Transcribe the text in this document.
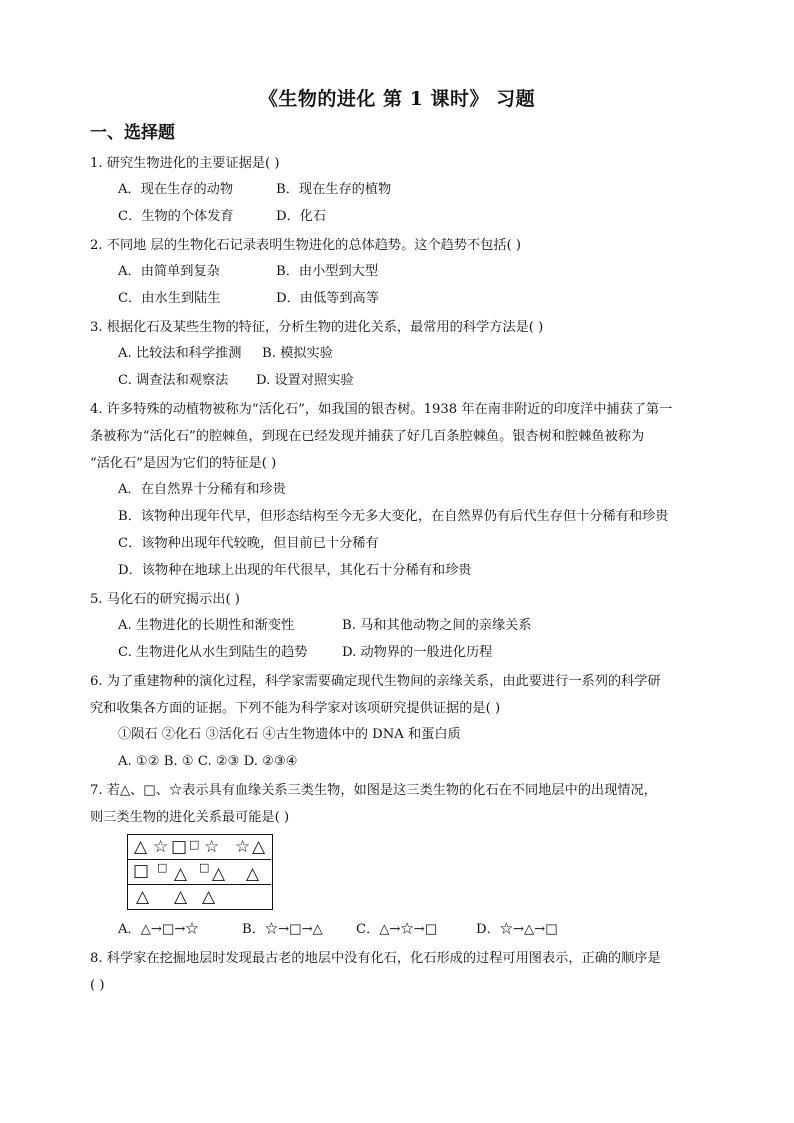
《生物的进化 第 1 课时》 习题
一、选择题
1. 研究生物进化的主要证据是( )
A．现在生存的动物	B．现在生存的植物
C．生物的个体发育	D．化石
2. 不同地 层的生物化石记录表明生物进化的总体趋势。这个趋势不包括( )
A．由简单到复杂	B．由小型到大型
C．由水生到陆生	D．由低等到高等
3. 根据化石及某些生物的特征，分析生物的进化关系，最常用的科学方法是( )
A. 比较法和科学推测 B. 模拟实验
C. 调查法和观察法 D. 设置对照实验
4. 许多特殊的动植物被称为“活化石”，如我国的银杏树。1938 年在南非附近的印度洋中捕获了第一
条被称为“活化石”的腔棘鱼，到现在已经发现并捕获了好几百条腔棘鱼。银杏树和腔棘鱼被称为
“活化石”是因为它们的特征是( )
A．在自然界十分稀有和珍贵
B．该物种出现年代早，但形态结构至今无多大变化，在自然界仍有后代生存但十分稀有和珍贵
C．该物种出现年代较晚，但目前已十分稀有
D．该物种在地球上出现的年代很早，其化石十分稀有和珍贵
5. 马化石的研究揭示出( )
A. 生物进化的长期性和渐变性	B. 马和其他动物之间的亲缘关系
C. 生物进化从水生到陆生的趋势	D. 动物界的一般进化历程
6. 为了重建物种的演化过程，科学家需要确定现代生物间的亲缘关系，由此要进行一系列的科学研
究和收集各方面的证据。下列不能为科学家对该项研究提供证据的是( )
①陨石 ②化石 ③活化石 ④古生物遗体中的 DNA 和蛋白质
A. ①② B. ① C. ②③ D. ②③④
7. 若△、□、☆表示具有血缘关系三类生物，如图是这三类生物的化石在不同地层中的出现情况，
则三类生物的进化关系最可能是( )
△ ☆ □ □ ☆ ☆ △
□ □ △ □ △ △
△ △ △
A．△→□→☆	B．☆→□→△	C．△→☆→□	D．☆→△→□
8. 科学家在挖掘地层时发现最古老的地层中没有化石，化石形成的过程可用图表示，正确的顺序是
( )
